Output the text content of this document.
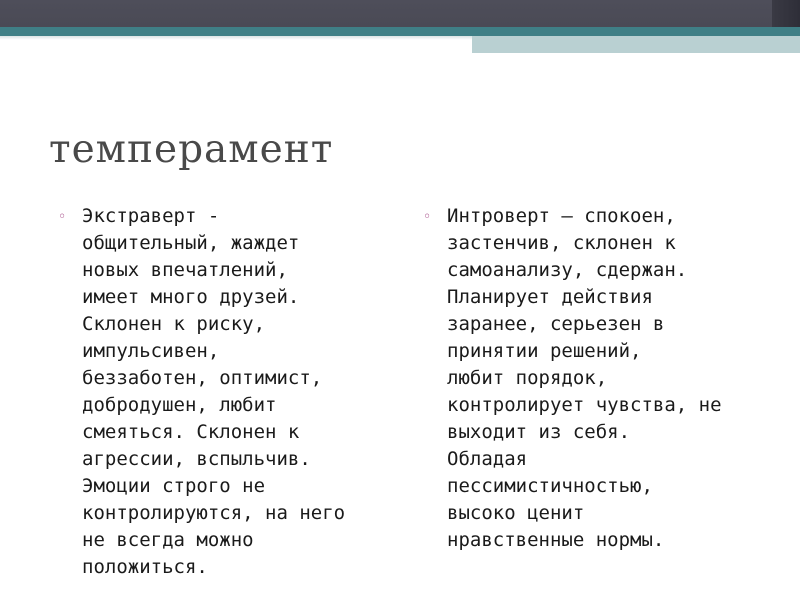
темперамент
◦ Экстраверт -
общительный, жаждет
новых впечатлений,
имеет много друзей.
Склонен к риску,
импульсивен,
беззаботен, оптимист,
добродушен, любит
смеяться. Склонен к
агрессии, вспыльчив.
Эмоции строго не
контролируются, на него
не всегда можно
положиться.
◦ Интроверт – спокоен,
застенчив, склонен к
самоанализу, сдержан.
Планирует действия
заранее, серьезен в
принятии решений,
любит порядок,
контролирует чувства, не
выходит из себя.
Обладая
пессимистичностью,
высоко ценит
нравственные нормы.
